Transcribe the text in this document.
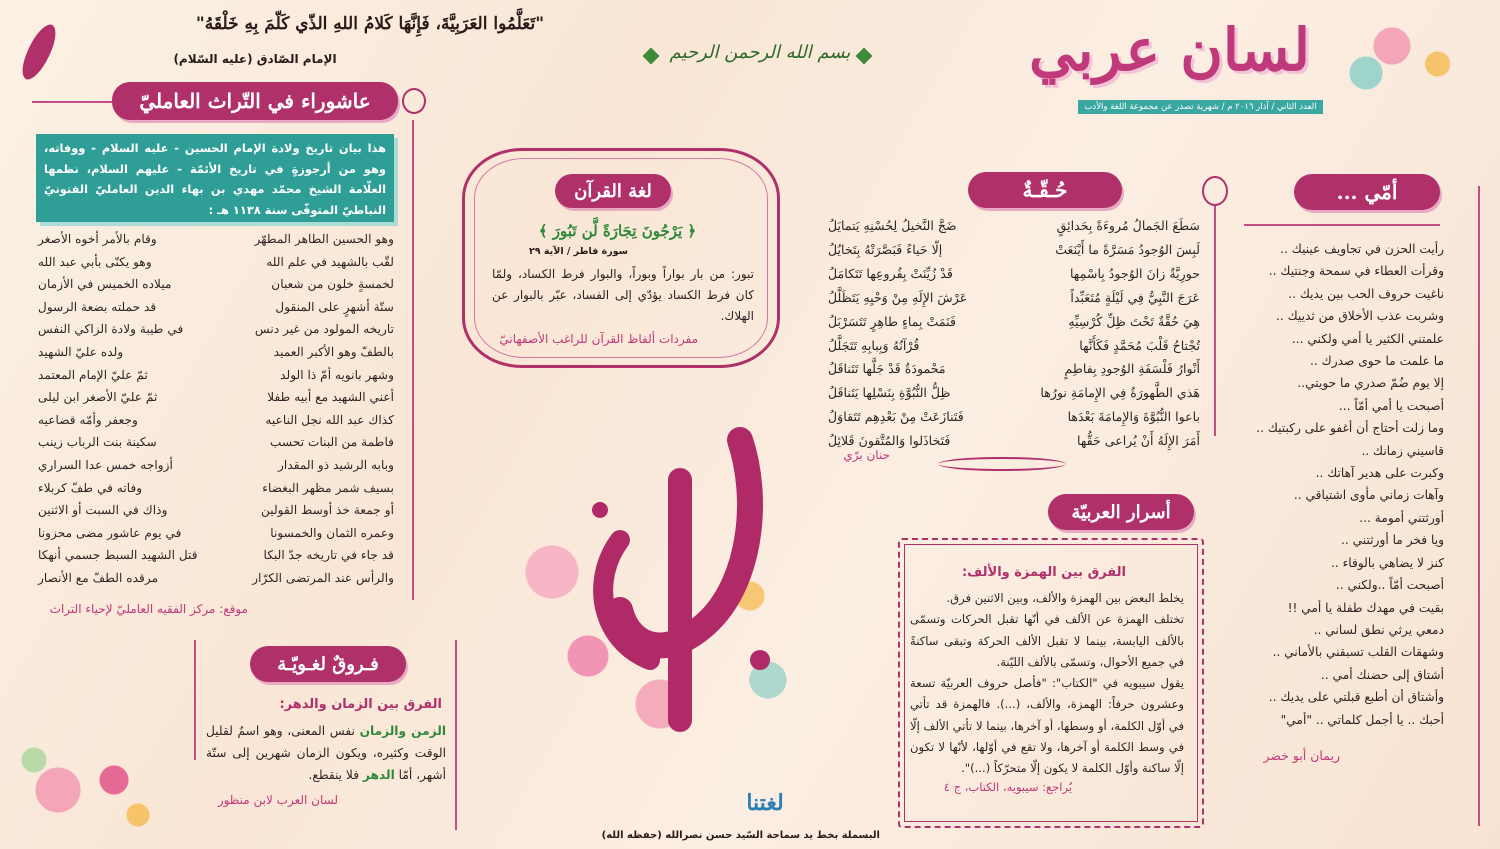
"تَعَلَّمُوا العَرَبِيَّةَ، فَإِنَّهَا كَلامُ اللهِ الذّي كَلّمَ بِهِ خَلْقَهُ"
الإمام الصّادق (عليه السّلام)	بسم الله الرحمن الرحيم	لسان عربي
العدد الثاني / آذار ٢٠١٦ م / شهرية تصدر عن مجموعة اللغة والأدب
عاشوراء في التّراث العامليّ
هذا بيان تاريخ ولادة الإمام الحسين - عليه السلام - ووفاته، وهو من أرجوزةٍ في تاريخ الأئمّة - عليهم السلام، نظمها العلّامة الشيخ محمّد مهدي بن بهاء الدين العامليّ الفتونيّ النباطيّ المتوفّى سنة ١١٣٨ هـ :
وهو الحسين الطاهر المطهّر
وقام بالأمر أخوه الأصغر
لقّب بالشهيد في علم الله
وهو يكنّى بأبي عبد الله
لخمسةٍ خلون من شعبان
ميلاده الخميس في الأزمان
ستّة أشهرٍ على المنقول
قد حملته بضعة الرسول
تاريخه المولود من غير دنس
في طيبة ولادة الزاكي النفس
بالطفّ وهو الأكبر العميد
ولده عليّ الشهيد
وشهر بانويه أمّ ذا الولد
ثمّ عليّ الإمام المعتمد
أعني الشهيد مع أبيه طفلا
ثمّ عليّ الأصغر ابن ليلى
كذاك عبد الله نجل الناعيه
وجعفر وأمّه قضاعيه
فاطمة من البنات تحسب
سكينة بنت الرباب زينب
وبابه الرشيد ذو المقدار
أزواجه خمس عدا السراري
بسيف شمر مظهر البغضاء
وفاته في طفّ كربلاء
أو جمعة خذ أوسط القولين
وذاك في السبت أو الاثنين
وعمره الثمان والخمسونا
في يوم عاشور مضى محزونا
قد جاء في تاريخه جدّ البكا
قتل الشهيد السبط جسمي أنهكا
والرأس عند المرتضى الكرّار
مرقده الطفّ مع الأنصار
موقع: مركز الفقيه العامليّ لإحياء التراث
لغة القرآن
﴿ يَرْجُونَ تِجَارَةً لَّن تَبُورَ ﴾
سورة فاطر / الآية ٢٩
تبور: من بار بواراً وبوراً، والبوار فرط الكساد، ولمّا كان فرط الكساد يؤدّي إلى الفساد، عبّر بالبوار عن الهلاك.
مفردات ألفاظ القرآن للراغب الأصفهانيّ
حُـقّـةٌ
سَطَعَ الجَمالُ مُروءَةً بِحَدائِقٍ
ضَجَّ النَّخيلُ لِحُسْنِهِ يَتمايَلُ
لَبِسَ الوُجودُ مَسَرَّةً ما أَيْنَعَتْ
إلّا حَياءً فَبَصَّرَتْهُ بِتَخايُلُ
حورِيَّةٌ زانَ الوُجودُ بِاسْمِها
قَدْ زُيِّنَتْ بِفُروعِها تَتَكامَلُ
عَرَجَ النَّبِيُّ فِي لَيْلَةٍ مُتَعَبِّداً
عَرْشَ الإِلَهِ مِنْ وَحْيِهِ يَتَظَلَّلُ
هِيَ حُقَّةٌ تَحْتَ ظِلِّ كُرْسِيِّهِ
فَنَمَتْ بِماءٍ طاهِرٍ تَتَسَرْبَلُ
تُجْتاحُ قَلْبَ مُحَمَّدٍ فَكَأَنَّها
قُرْآنُهُ وَبِبابِهِ تَتَجَلَّلُ
أَنْوارُ فَلْسَفَةِ الوُجودِ بِفاطِمٍ
مَحْمودَةٌ قَدْ جَلَّها تَتَناقَلُ
هَذي الطَّهورَةُ فِي الإِمامَةِ نورُها
ظِلُّ النُّبُوَّةِ بِنَسْلِها يَتَناقَلُ
باعوا النُّبُوَّةَ وَالإِمامَةَ بَعْدَها
فَتَنازَعَتْ مِنْ بَعْدِهِم تَتَقاوَلُ
أَمَرَ الإِلَهُ أَنْ يُراعى حَقُّها
فَتَخاذَلوا وَالمُتَّقونَ قَلائِلُ
حنان برّي
أمّي ...
رأيت الحزن في تجاويف عينيك ..
وقرأت العطاء في سمحة وجنتيك ..
ناغيت حروف الحب بين يديك ..
وشربت عذب الأخلاق من ثدييك ..
علمتني الكثير يا أمي ولكني ...
ما علمت ما حوى صدرك ..
إلا يوم ضُمّ صدري ما حويتي..
أصبحت يا أمي أمّاً ...
وما زلت أحتاج أن أغفو على ركبتيك ..
قاسيني زمانك ..
وكبرت على هدير آهاتك ..
وآهات زماني مأوى اشتياقي ..
أورثتني أمومة ...
ويا فخر ما أورثتني ..
كنز لا يضاهي بالوفاء ..
أصبحت أمّاً ..ولكني ..
بقيت في مهدك طفلة يا أمي !!
دمعي يرثي نطق لساني ..
وشهقات القلب تسبقني بالأماني ..
أشتاق إلى حضنك أمي ..
وأشتاق أن أطبع قبلتي على يديك ..
أحبك .. يا أجمل كلماتي .. "أمي"
ريمان أبو خضر
أسرار العربيّة
الفرق بين الهمزة والألف:
يخلط البعض بين الهمزة والألف، وبين الاثنين فرق.
تختلف الهمزة عن الألف في أنّها تقبل الحركات وتسمّى بالألف اليابسة، بينما لا تقبل الألف الحركة وتبقى ساكنةً في جميع الأحوال، وتسمّى بالألف الليّنة.
يقول سيبويه في "الكتاب": "فأصل حروف العربيّة تسعة وعشرون حرفاً: الهمزة، والألف، (...). فالهمزة قد تأتي في أوّل الكلمة، أو وسطها، أو آخرها، بينما لا تأتي الألف إلّا في وسط الكلمة أو آخرها، ولا تقع في أوّلها، لأنّها لا تكون إلّا ساكنة وأوّل الكلمة لا يكون إلّا متحرّكاً (...)".
يُراجع: سيبويه، الكتاب، ج ٤
فـروقٌ لغـويّـة
الفرق بين الزمان والدهر:
الزمن والزمان نفس المعنى، وهو اسمٌ لقليل الوقت وكثيره، ويكون الزمان شهرين إلى ستّة أشهر، أمّا الدهر فلا ينقطع.
لسان العرب لابن منظور	لغتنا
البسملة بخط يد سماحة السّيد حسن نصرالله (حفظه الله)
